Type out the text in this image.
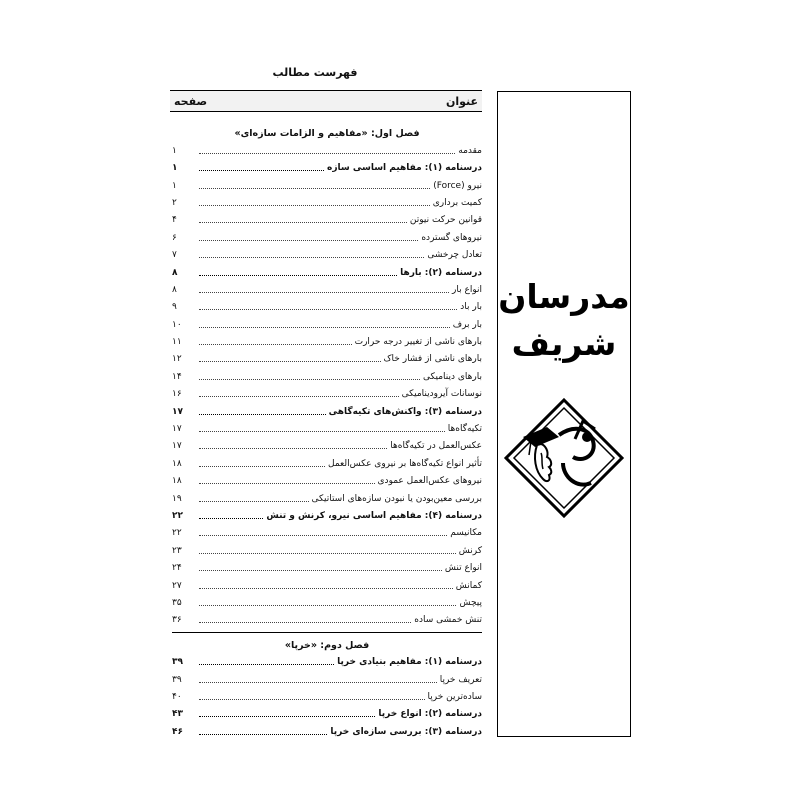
فهرست مطالب
عنوان
صفحه
فصل اول: «مفاهیم و الزامات سازه‌ای»
مقدمه
۱
درسنامه (۱): مفاهیم اساسی سازه
۱
نیرو (Force)
۱
کمیت برداری
۲
قوانین حرکت نیوتن
۴
نیروهای گسترده
۶
تعادل چرخشی
۷
درسنامه (۲): بارها
۸
انواع بار
۸
بار باد
۹
بار برف
۱۰
بارهای ناشی از تغییر درجه حرارت
۱۱
بارهای ناشی از فشار خاک
۱۲
بارهای دینامیکی
۱۴
نوسانات آیرودینامیکی
۱۶
درسنامه (۳): واکنش‌های تکیه‌گاهی
۱۷
تکیه‌گاه‌ها
۱۷
عکس‌العمل در تکیه‌گاه‌ها
۱۷
تأثیر انواع تکیه‌گاه‌ها بر نیروی عکس‌العمل
۱۸
نیروهای عکس‌العمل عمودی
۱۸
بررسی معین‌بودن یا نبودن سازه‌های استاتیکی
۱۹
درسنامه (۴): مفاهیم اساسی نیرو، کرنش و تنش
۲۲
مکانیسم
۲۲
کرنش
۲۳
انواع تنش
۲۴
کمانش
۲۷
پیچش
۳۵
تنش خمشی ساده
۳۶
فصل دوم: «خرپا»
درسنامه (۱): مفاهیم بنیادی خرپا
۳۹
تعریف خرپا
۳۹
ساده‌ترین خرپا
۴۰
درسنامه (۲): انواع خرپا
۴۳
درسنامه (۳): بررسی سازه‌ای خرپا
۴۶
مدرسان
شریف
